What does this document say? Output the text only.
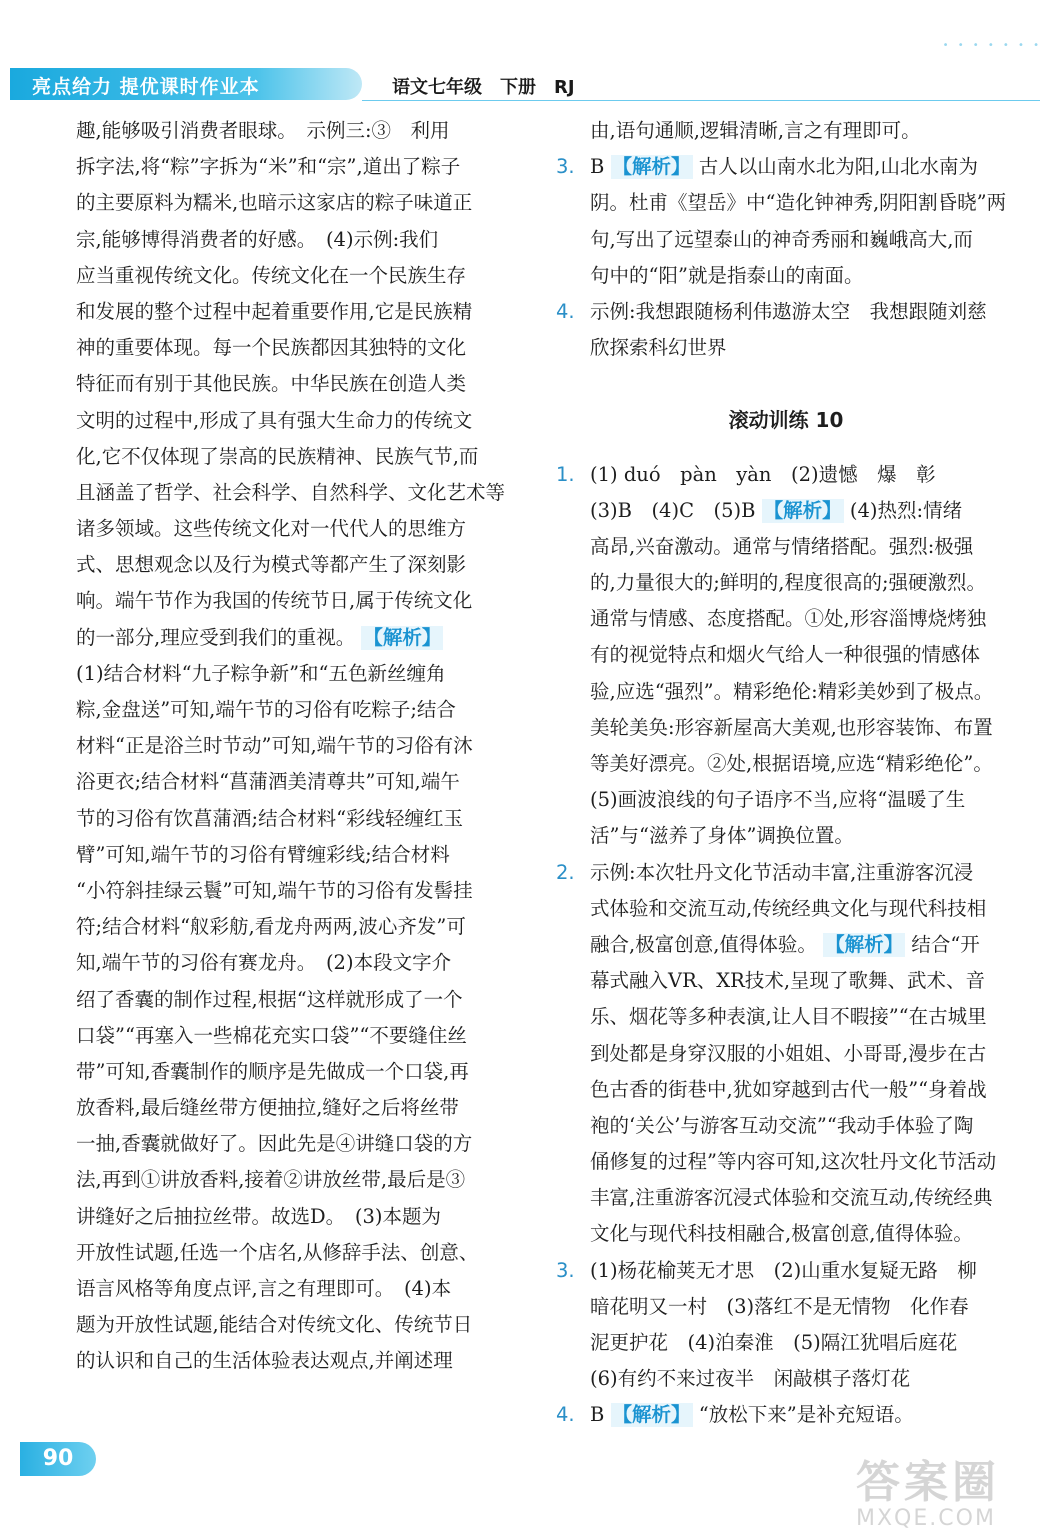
亮点给力 提优课时作业本	语文七年级　下册　RJ
• • • • • • •
趣,能够吸引消费者眼球。　示例三:③　利用
拆字法,将“粽”字拆为“米”和“宗”,道出了粽子
的主要原料为糯米,也暗示这家店的粽子味道正
宗,能够博得消费者的好感。　(4)示例:我们
应当重视传统文化。传统文化在一个民族生存
和发展的整个过程中起着重要作用,它是民族精
神的重要体现。每一个民族都因其独特的文化
特征而有别于其他民族。中华民族在创造人类
文明的过程中,形成了具有强大生命力的传统文
化,它不仅体现了崇高的民族精神、民族气节,而
且涵盖了哲学、社会科学、自然科学、文化艺术等
诸多领域。这些传统文化对一代代人的思维方
式、思想观念以及行为模式等都产生了深刻影
响。端午节作为我国的传统节日,属于传统文化
的一部分,理应受到我们的重视。 【解析】
(1)结合材料“九子粽争新”和“五色新丝缠角
粽,金盘送”可知,端午节的习俗有吃粽子;结合
材料“正是浴兰时节动”可知,端午节的习俗有沐
浴更衣;结合材料“菖蒲酒美清尊共”可知,端午
节的习俗有饮菖蒲酒;结合材料“彩线轻缠红玉
臂”可知,端午节的习俗有臂缠彩线;结合材料
“小符斜挂绿云鬟”可知,端午节的习俗有发髻挂
符;结合材料“舣彩舫,看龙舟两两,波心齐发”可
知,端午节的习俗有赛龙舟。　(2)本段文字介
绍了香囊的制作过程,根据“这样就形成了一个
口袋”“再塞入一些棉花充实口袋”“不要缝住丝
带”可知,香囊制作的顺序是先做成一个口袋,再
放香料,最后缝丝带方便抽拉,缝好之后将丝带
一抽,香囊就做好了。因此先是④讲缝口袋的方
法,再到①讲放香料,接着②讲放丝带,最后是③
讲缝好之后抽拉丝带。故选D。　(3)本题为
开放性试题,任选一个店名,从修辞手法、创意、
语言风格等角度点评,言之有理即可。　(4)本
题为开放性试题,能结合对传统文化、传统节日
的认识和自己的生活体验表达观点,并阐述理
由,语句通顺,逻辑清晰,言之有理即可。
3. B 【解析】 古人以山南水北为阳,山北水南为
阴。杜甫《望岳》中“造化钟神秀,阴阳割昏晓”两
句,写出了远望泰山的神奇秀丽和巍峨高大,而
句中的“阳”就是指泰山的南面。
4. 示例:我想跟随杨利伟遨游太空　我想跟随刘慈
欣探索科幻世界
滚动训练 10
1. (1) duó　pàn　yàn　(2)遗憾　爆　彰
(3)B　(4)C　(5)B 【解析】 (4)热烈:情绪
高昂,兴奋激动。通常与情绪搭配。强烈:极强
的,力量很大的;鲜明的,程度很高的;强硬激烈。
通常与情感、态度搭配。①处,形容淄博烧烤独
有的视觉特点和烟火气给人一种很强的情感体
验,应选“强烈”。精彩绝伦:精彩美妙到了极点。
美轮美奂:形容新屋高大美观,也形容装饰、布置
等美好漂亮。②处,根据语境,应选“精彩绝伦”。
(5)画波浪线的句子语序不当,应将“温暖了生
活”与“滋养了身体”调换位置。
2. 示例:本次牡丹文化节活动丰富,注重游客沉浸
式体验和交流互动,传统经典文化与现代科技相
融合,极富创意,值得体验。 【解析】 结合“开
幕式融入VR、XR技术,呈现了歌舞、武术、音
乐、烟花等多种表演,让人目不暇接”“在古城里
到处都是身穿汉服的小姐姐、小哥哥,漫步在古
色古香的街巷中,犹如穿越到古代一般”“身着战
袍的‘关公’与游客互动交流”“我动手体验了陶
俑修复的过程”等内容可知,这次牡丹文化节活动
丰富,注重游客沉浸式体验和交流互动,传统经典
文化与现代科技相融合,极富创意,值得体验。
3. (1)杨花榆荚无才思　(2)山重水复疑无路　柳
暗花明又一村　(3)落红不是无情物　化作春
泥更护花　(4)泊秦淮　(5)隔江犹唱后庭花
(6)有约不来过夜半　闲敲棋子落灯花
4. B 【解析】 “放松下来”是补充短语。
90	答案圈
MXQE.COM
